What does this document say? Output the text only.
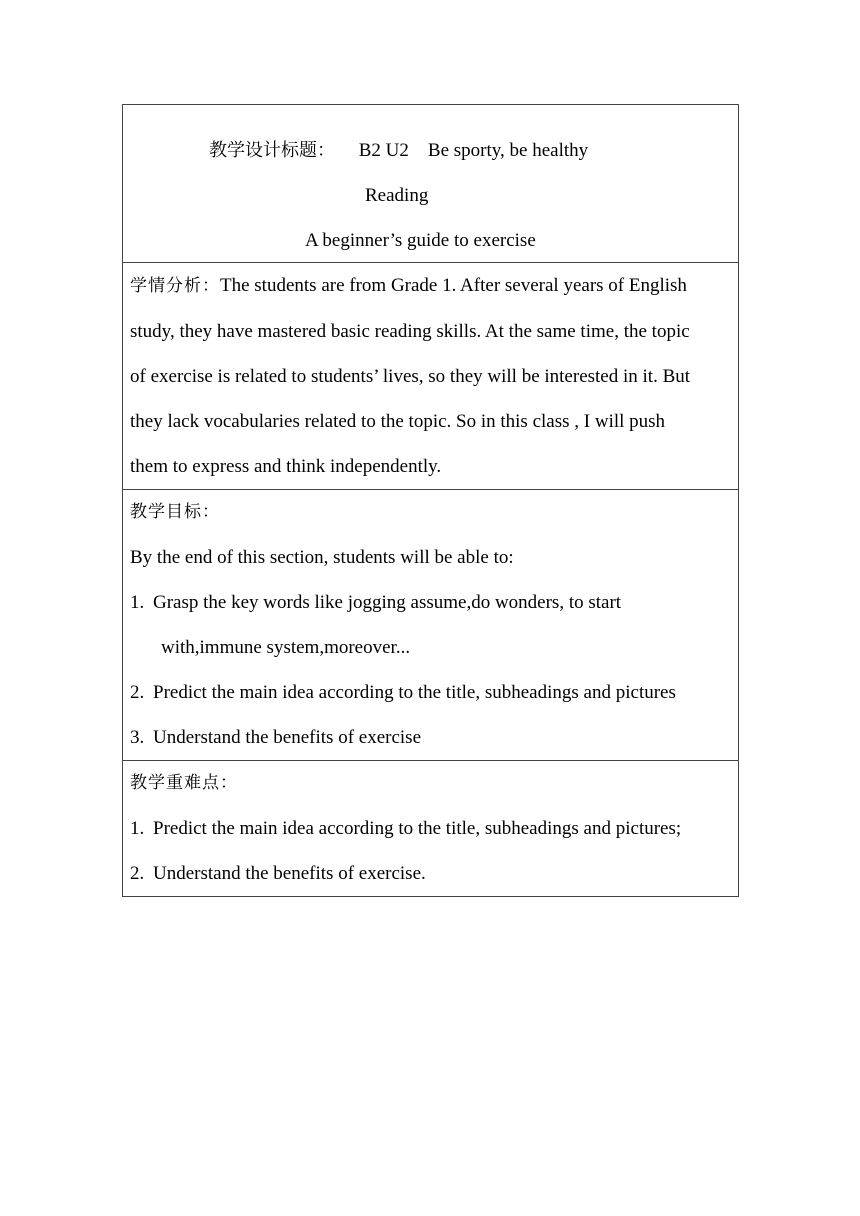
教学设计标题： B2 U2 Be sporty, be healthy
Reading
A beginner’s guide to exercise
学情分析：The students are from Grade 1. After several years of English
study, they have mastered basic reading skills. At the same time, the topic
of exercise is related to students’ lives, so they will be interested in it. But
they lack vocabularies related to the topic. So in this class , I will push
them to express and think independently.
教学目标：
By the end of this section, students will be able to:
1. Grasp the key words like jogging assume,do wonders, to start
with,immune system,moreover...
2. Predict the main idea according to the title, subheadings and pictures
3. Understand the benefits of exercise
教学重难点：
1. Predict the main idea according to the title, subheadings and pictures;
2. Understand the benefits of exercise.
